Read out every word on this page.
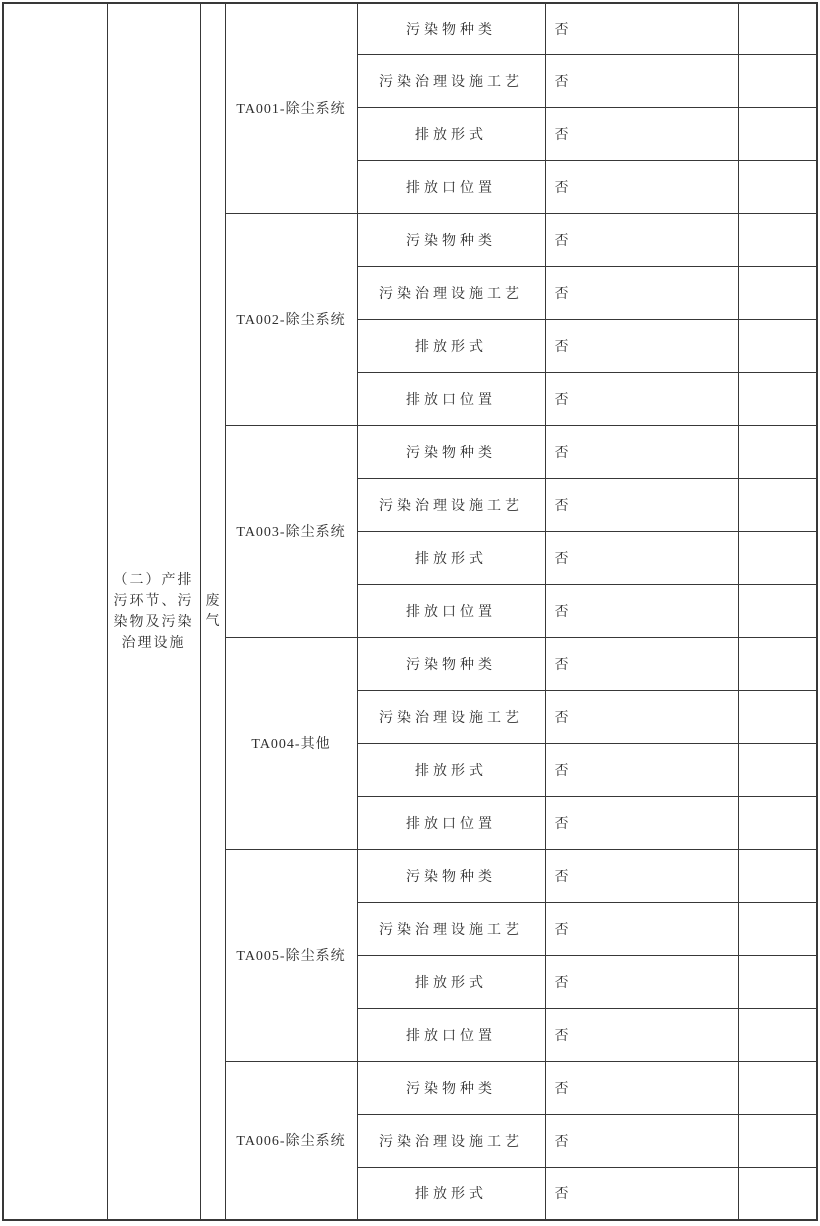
	（二）产排污环节、污染物及污染治理设施	废气	TA001-除尘系统	污染物种类	否	
				污染治理设施工艺	否	
				排放形式	否	
				排放口位置	否	
			TA002-除尘系统	污染物种类	否	
				污染治理设施工艺	否	
				排放形式	否	
				排放口位置	否	
			TA003-除尘系统	污染物种类	否	
				污染治理设施工艺	否	
				排放形式	否	
				排放口位置	否	
			TA004-其他	污染物种类	否	
				污染治理设施工艺	否	
				排放形式	否	
				排放口位置	否	
			TA005-除尘系统	污染物种类	否	
				污染治理设施工艺	否	
				排放形式	否	
				排放口位置	否	
			TA006-除尘系统	污染物种类	否	
				污染治理设施工艺	否	
				排放形式	否	
